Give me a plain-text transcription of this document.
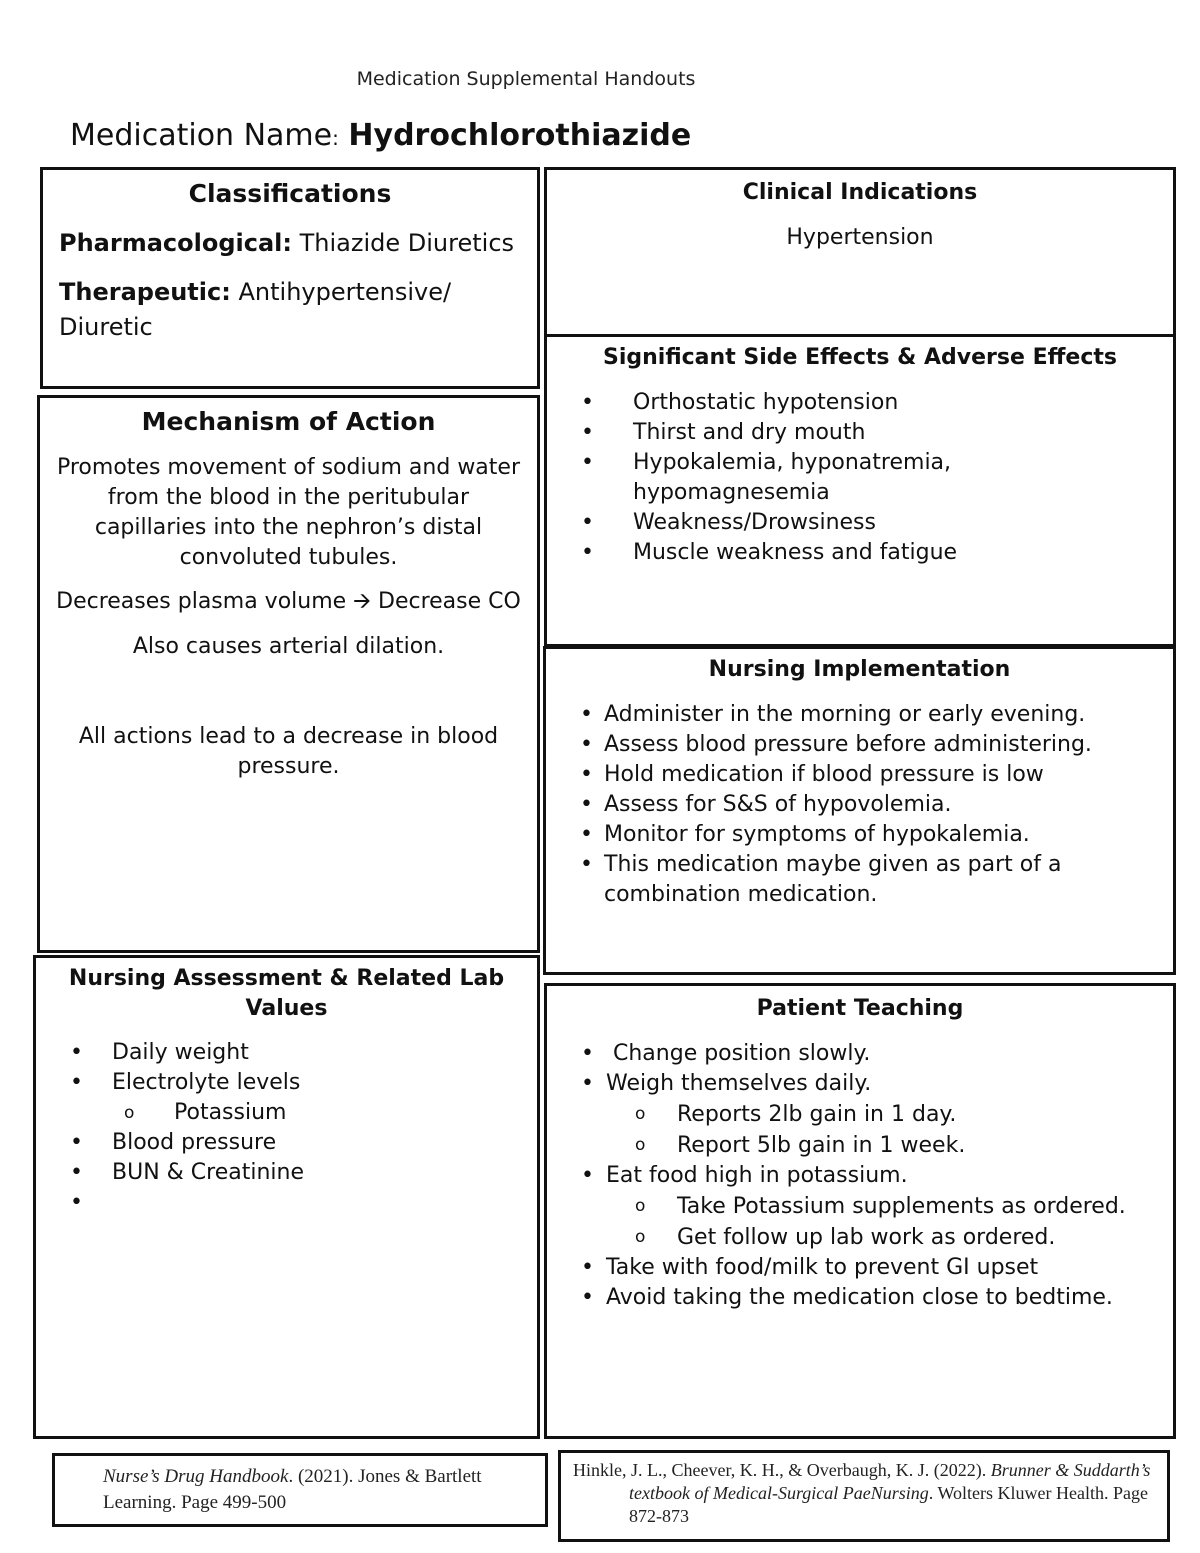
Medication Supplemental Handouts
Medication Name: Hydrochlorothiazide
Classifications

Pharmacological: Thiazide Diuretics

Therapeutic: Antihypertensive/ Diuretic

Mechanism of Action

Promotes movement of sodium and water from the blood in the peritubular capillaries into the nephron’s distal convoluted tubules.

Decreases plasma volume 🡪 Decrease CO

Also causes arterial dilation.

All actions lead to a decrease in blood pressure.

Nursing Assessment & Related Lab Values
• Daily weight
• Electrolyte levels
o Potassium
• Blood pressure
• BUN & Creatinine
•
Clinical Indications

Hypertension

Significant Side Effects & Adverse Effects
• Orthostatic hypotension
• Thirst and dry mouth
• Hypokalemia, hyponatremia, hypomagnesemia
• Weakness/Drowsiness
• Muscle weakness and fatigue
Nursing Implementation
• Administer in the morning or early evening.
• Assess blood pressure before administering.
• Hold medication if blood pressure is low
• Assess for S&S of hypovolemia.
• Monitor for symptoms of hypokalemia.
• This medication maybe given as part of a combination medication.
Patient Teaching
•  Change position slowly.
• Weigh themselves daily.
o Reports 2lb gain in 1 day.
o Report 5lb gain in 1 week.
• Eat food high in potassium.
o Take Potassium supplements as ordered.
o Get follow up lab work as ordered.
• Take with food/milk to prevent GI upset
• Avoid taking the medication close to bedtime.

Nurse’s Drug Handbook. (2021). Jones & Bartlett Learning. Page 499-500

Hinkle, J. L., Cheever, K. H., & Overbaugh, K. J. (2022). Brunner & Suddarth’s textbook of Medical-Surgical PaeNursing. Wolters Kluwer Health. Page 872-873
